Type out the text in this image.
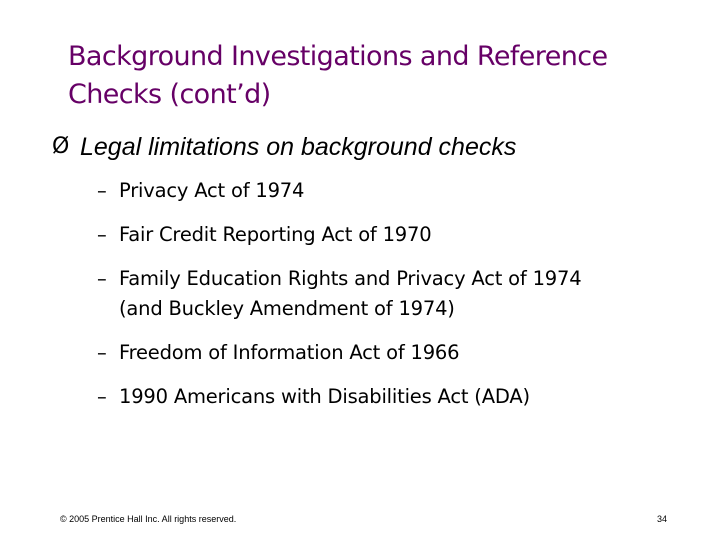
Background Investigations and Reference
Checks (cont’d)
Ø Legal limitations on background checks
– Privacy Act of 1974
– Fair Credit Reporting Act of 1970
– Family Education Rights and Privacy Act of 1974
(and Buckley Amendment of 1974)
– Freedom of Information Act of 1966
– 1990 Americans with Disabilities Act (ADA)
© 2005 Prentice Hall Inc. All rights reserved.	34
